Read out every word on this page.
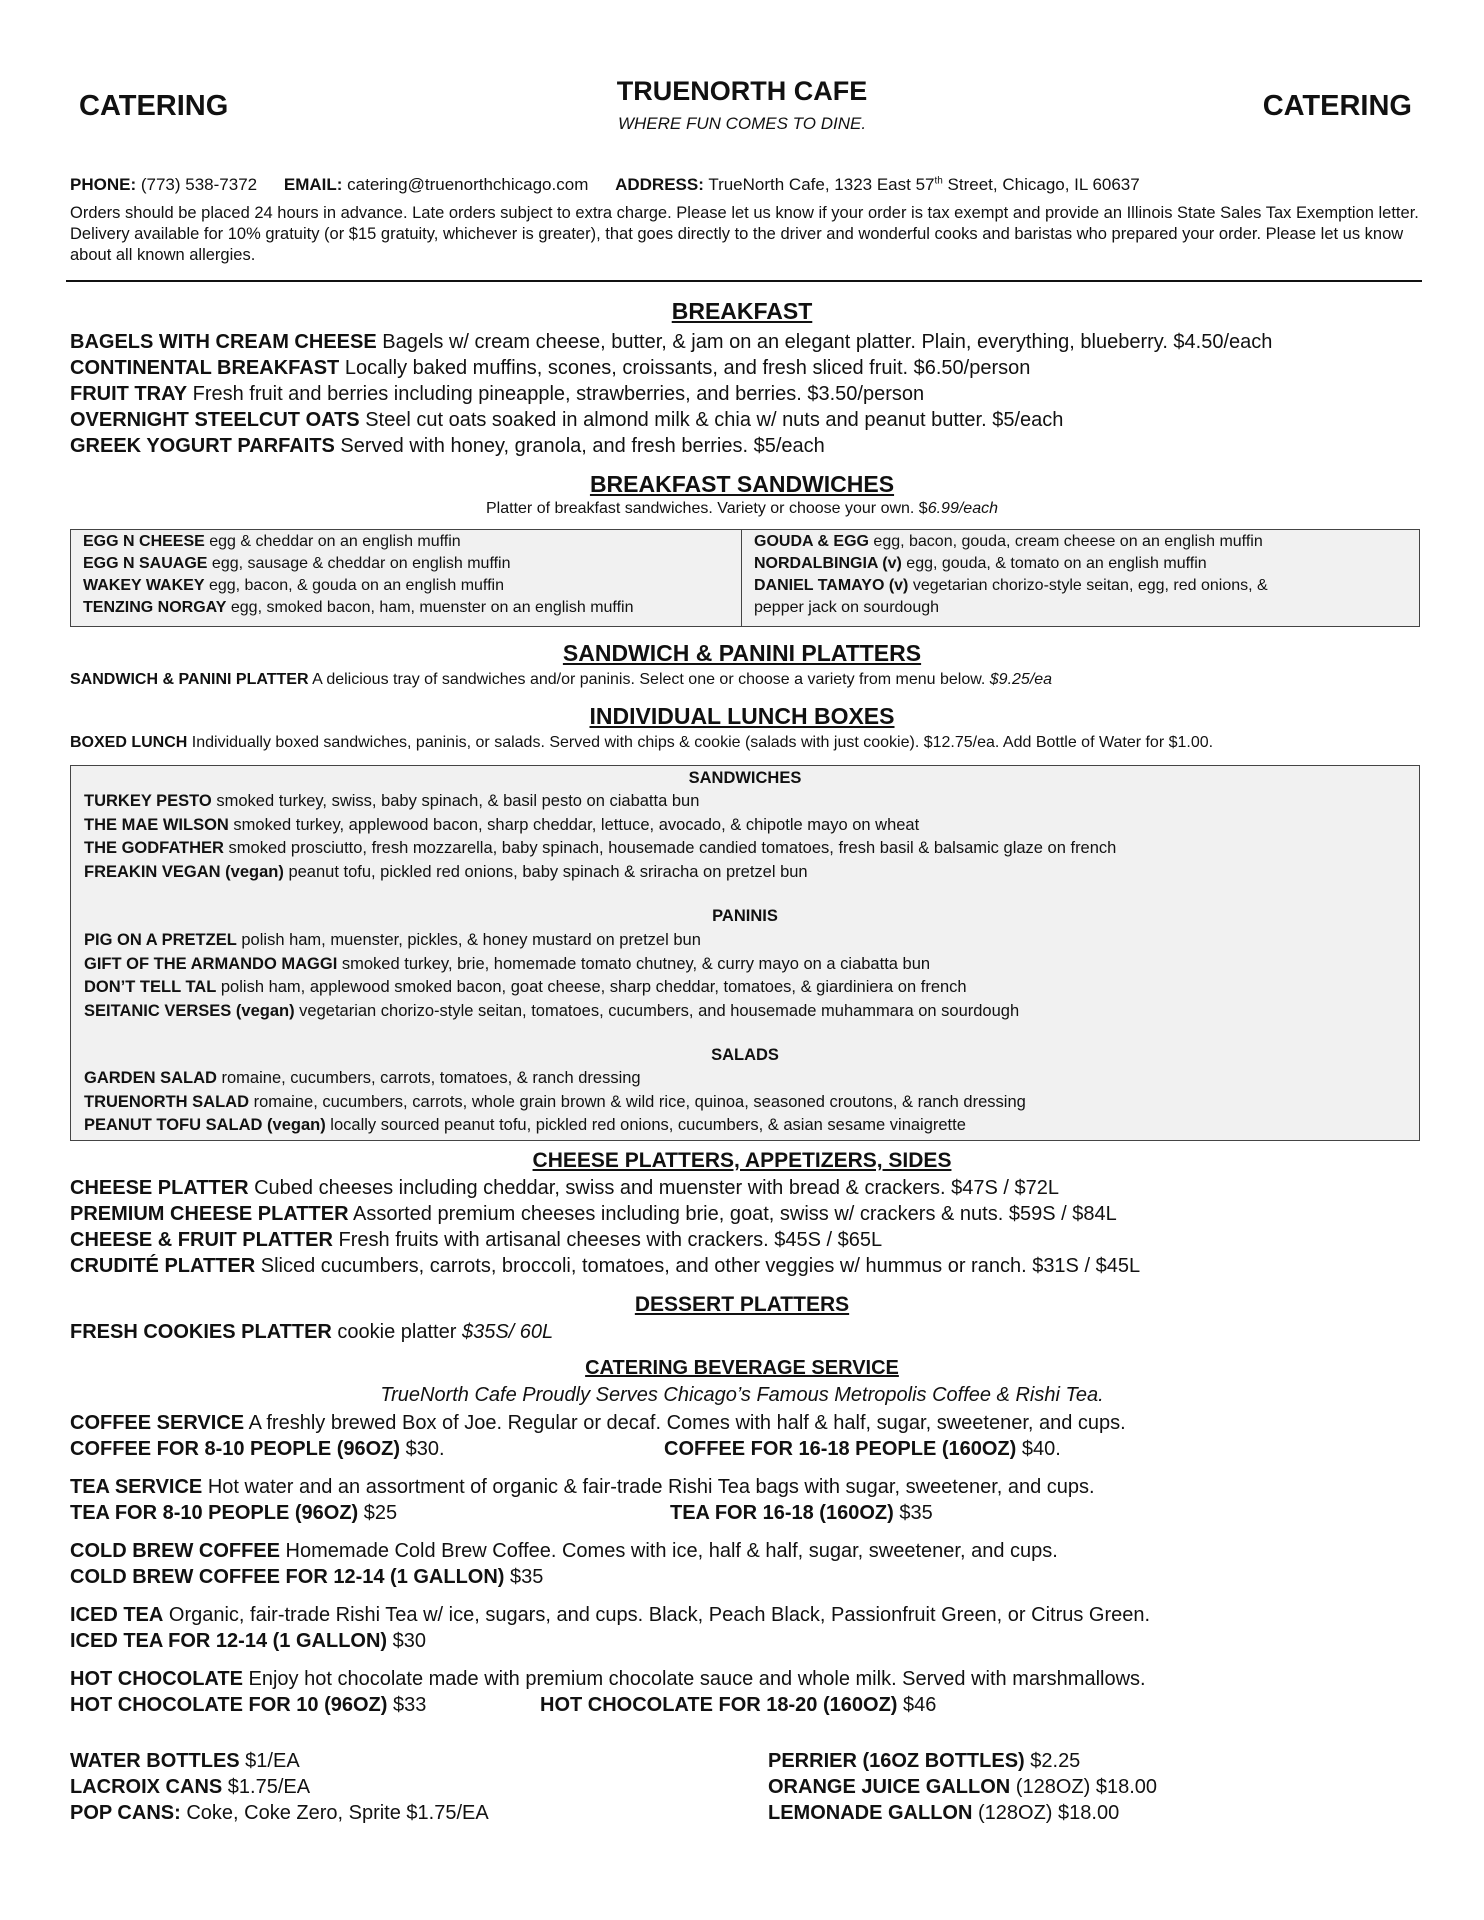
CATERING	TRUENORTH CAFE
WHERE FUN COMES TO DINE.
CATERING
PHONE: (773) 538-7372 EMAIL: catering@truenorthchicago.com ADDRESS: TrueNorth Cafe, 1323 East 57th Street, Chicago, IL 60637
Orders should be placed 24 hours in advance. Late orders subject to extra charge. Please let us know if your order is tax exempt and provide an Illinois State Sales Tax Exemption letter. Delivery available for 10% gratuity (or $15 gratuity, whichever is greater), that goes directly to the driver and wonderful cooks and baristas who prepared your order. Please let us know about all known allergies.
BREAKFAST
BAGELS WITH CREAM CHEESE Bagels w/ cream cheese, butter, & jam on an elegant platter. Plain, everything, blueberry. $4.50/each
CONTINENTAL BREAKFAST Locally baked muffins, scones, croissants, and fresh sliced fruit. $6.50/person
FRUIT TRAY Fresh fruit and berries including pineapple, strawberries, and berries. $3.50/person
OVERNIGHT STEELCUT OATS Steel cut oats soaked in almond milk & chia w/ nuts and peanut butter. $5/each
GREEK YOGURT PARFAITS Served with honey, granola, and fresh berries. $5/each
BREAKFAST SANDWICHES
Platter of breakfast sandwiches. Variety or choose your own. $6.99/each
EGG N CHEESE egg & cheddar on an english muffin
EGG N SAUAGE egg, sausage & cheddar on english muffin
WAKEY WAKEY egg, bacon, & gouda on an english muffin
TENZING NORGAY egg, smoked bacon, ham, muenster on an english muffin
GOUDA & EGG egg, bacon, gouda, cream cheese on an english muffin
NORDALBINGIA (v) egg, gouda, & tomato on an english muffin
DANIEL TAMAYO (v) vegetarian chorizo-style seitan, egg, red onions, &
pepper jack on sourdough
SANDWICH & PANINI PLATTERS
SANDWICH & PANINI PLATTER A delicious tray of sandwiches and/or paninis. Select one or choose a variety from menu below. $9.25/ea
INDIVIDUAL LUNCH BOXES
BOXED LUNCH Individually boxed sandwiches, paninis, or salads. Served with chips & cookie (salads with just cookie). $12.75/ea. Add Bottle of Water for $1.00.
SANDWICHES
TURKEY PESTO smoked turkey, swiss, baby spinach, & basil pesto on ciabatta bun
THE MAE WILSON smoked turkey, applewood bacon, sharp cheddar, lettuce, avocado, & chipotle mayo on wheat
THE GODFATHER smoked prosciutto, fresh mozzarella, baby spinach, housemade candied tomatoes, fresh basil & balsamic glaze on french
FREAKIN VEGAN (vegan) peanut tofu, pickled red onions, baby spinach & sriracha on pretzel bun
PANINIS
PIG ON A PRETZEL polish ham, muenster, pickles, & honey mustard on pretzel bun
GIFT OF THE ARMANDO MAGGI smoked turkey, brie, homemade tomato chutney, & curry mayo on a ciabatta bun
DON’T TELL TAL polish ham, applewood smoked bacon, goat cheese, sharp cheddar, tomatoes, & giardiniera on french
SEITANIC VERSES (vegan) vegetarian chorizo-style seitan, tomatoes, cucumbers, and housemade muhammara on sourdough
SALADS
GARDEN SALAD romaine, cucumbers, carrots, tomatoes, & ranch dressing
TRUENORTH SALAD romaine, cucumbers, carrots, whole grain brown & wild rice, quinoa, seasoned croutons, & ranch dressing
PEANUT TOFU SALAD (vegan) locally sourced peanut tofu, pickled red onions, cucumbers, & asian sesame vinaigrette
CHEESE PLATTERS, APPETIZERS, SIDES
CHEESE PLATTER Cubed cheeses including cheddar, swiss and muenster with bread & crackers. $47S / $72L
PREMIUM CHEESE PLATTER Assorted premium cheeses including brie, goat, swiss w/ crackers & nuts. $59S / $84L
CHEESE & FRUIT PLATTER Fresh fruits with artisanal cheeses with crackers. $45S / $65L
CRUDITÉ PLATTER Sliced cucumbers, carrots, broccoli, tomatoes, and other veggies w/ hummus or ranch. $31S / $45L
DESSERT PLATTERS
FRESH COOKIES PLATTER cookie platter $35S/ 60L
CATERING BEVERAGE SERVICE
TrueNorth Cafe Proudly Serves Chicago’s Famous Metropolis Coffee & Rishi Tea.
COFFEE SERVICE A freshly brewed Box of Joe. Regular or decaf. Comes with half & half, sugar, sweetener, and cups.
COFFEE FOR 8-10 PEOPLE (96OZ) $30.	COFFEE FOR 16-18 PEOPLE (160OZ) $40.
TEA SERVICE Hot water and an assortment of organic & fair-trade Rishi Tea bags with sugar, sweetener, and cups.
TEA FOR 8-10 PEOPLE (96OZ) $25	TEA FOR 16-18 (160OZ) $35
COLD BREW COFFEE Homemade Cold Brew Coffee. Comes with ice, half & half, sugar, sweetener, and cups.
COLD BREW COFFEE FOR 12-14 (1 GALLON) $35
ICED TEA Organic, fair-trade Rishi Tea w/ ice, sugars, and cups. Black, Peach Black, Passionfruit Green, or Citrus Green.
ICED TEA FOR 12-14 (1 GALLON) $30
HOT CHOCOLATE Enjoy hot chocolate made with premium chocolate sauce and whole milk. Served with marshmallows.
HOT CHOCOLATE FOR 10 (96OZ) $33	HOT CHOCOLATE FOR 18-20 (160OZ) $46
WATER BOTTLES $1/EA
LACROIX CANS $1.75/EA
POP CANS: Coke, Coke Zero, Sprite $1.75/EA
PERRIER (16OZ BOTTLES) $2.25
ORANGE JUICE GALLON (128OZ) $18.00
LEMONADE GALLON (128OZ) $18.00
